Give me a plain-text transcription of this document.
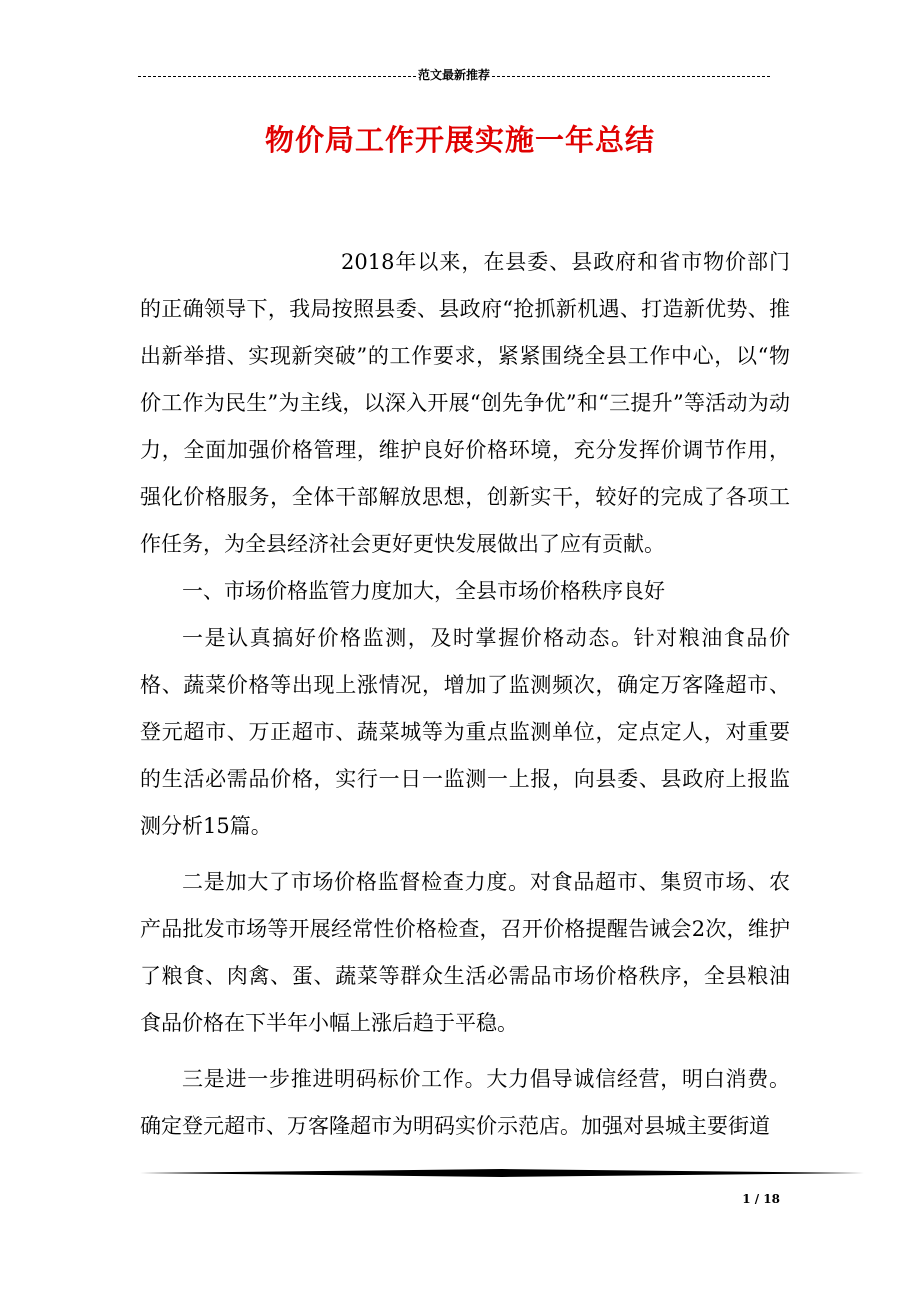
范文最新推荐
物价局工作开展实施一年总结

2018年以来，在县委、县政府和省市物价部门的正确领导下，我局按照县委、县政府“抢抓新机遇、打造新优势、推出新举措、实现新突破”的工作要求，紧紧围绕全县工作中心，以“物价工作为民生”为主线，以深入开展“创先争优”和“三提升”等活动为动力，全面加强价格管理，维护良好价格环境，充分发挥价调节作用，强化价格服务，全体干部解放思想，创新实干，较好的完成了各项工作任务，为全县经济社会更好更快发展做出了应有贡献。

一、市场价格监管力度加大，全县市场价格秩序良好

一是认真搞好价格监测，及时掌握价格动态。针对粮油食品价格、蔬菜价格等出现上涨情况，增加了监测频次，确定万客隆超市、登元超市、万正超市、蔬菜城等为重点监测单位，定点定人，对重要的生活必需品价格，实行一日一监测一上报，向县委、县政府上报监测分析15篇。

二是加大了市场价格监督检查力度。对食品超市、集贸市场、农产品批发市场等开展经常性价格检查，召开价格提醒告诫会2次，维护了粮食、肉禽、蛋、蔬菜等群众生活必需品市场价格秩序，全县粮油食品价格在下半年小幅上涨后趋于平稳。

三是进一步推进明码标价工作。大力倡导诚信经营，明白消费。确定登元超市、万客隆超市为明码实价示范店。加强对县城主要街道

1 / 18
